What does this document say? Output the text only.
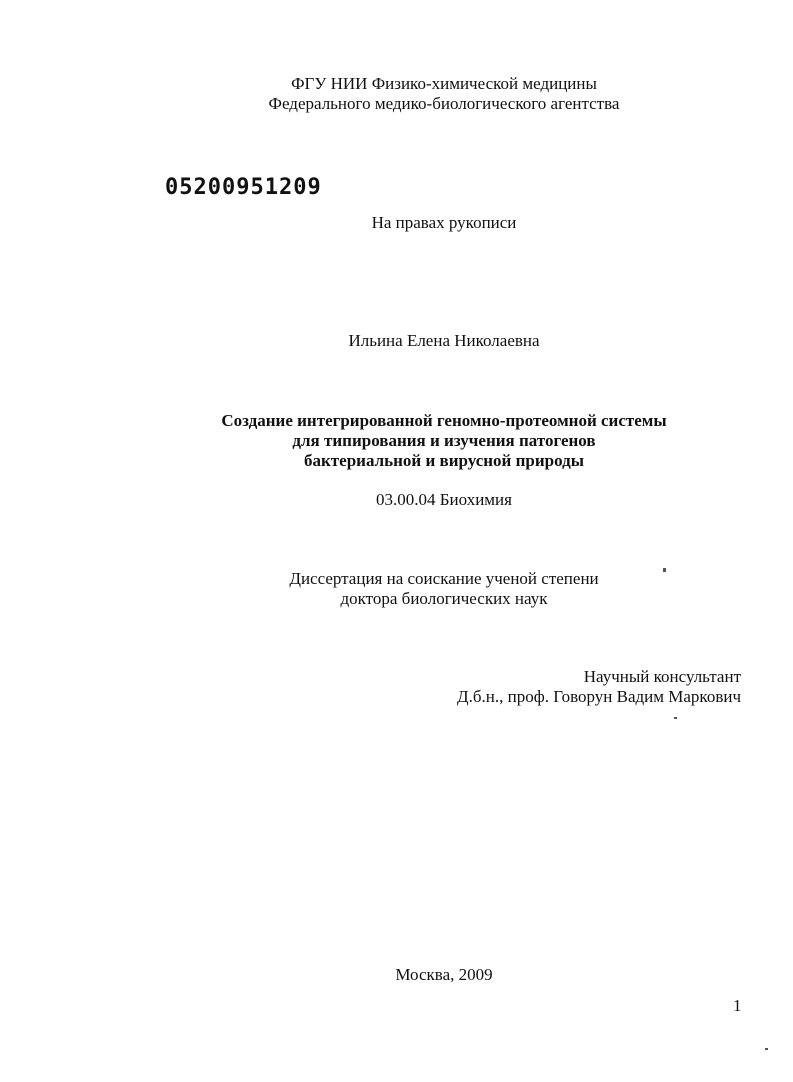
ФГУ НИИ Физико-химической медицины
Федерального медико-биологического агентства
05200951209
На правах рукописи
Ильина Елена Николаевна
Создание интегрированной геномно-протеомной системы
для типирования и изучения патогенов
бактериальной и вирусной природы
03.00.04 Биохимия
Диссертация на соискание ученой степени
доктора биологических наук
Научный консультант
Д.б.н., проф. Говорун Вадим Маркович
Москва, 2009
1
